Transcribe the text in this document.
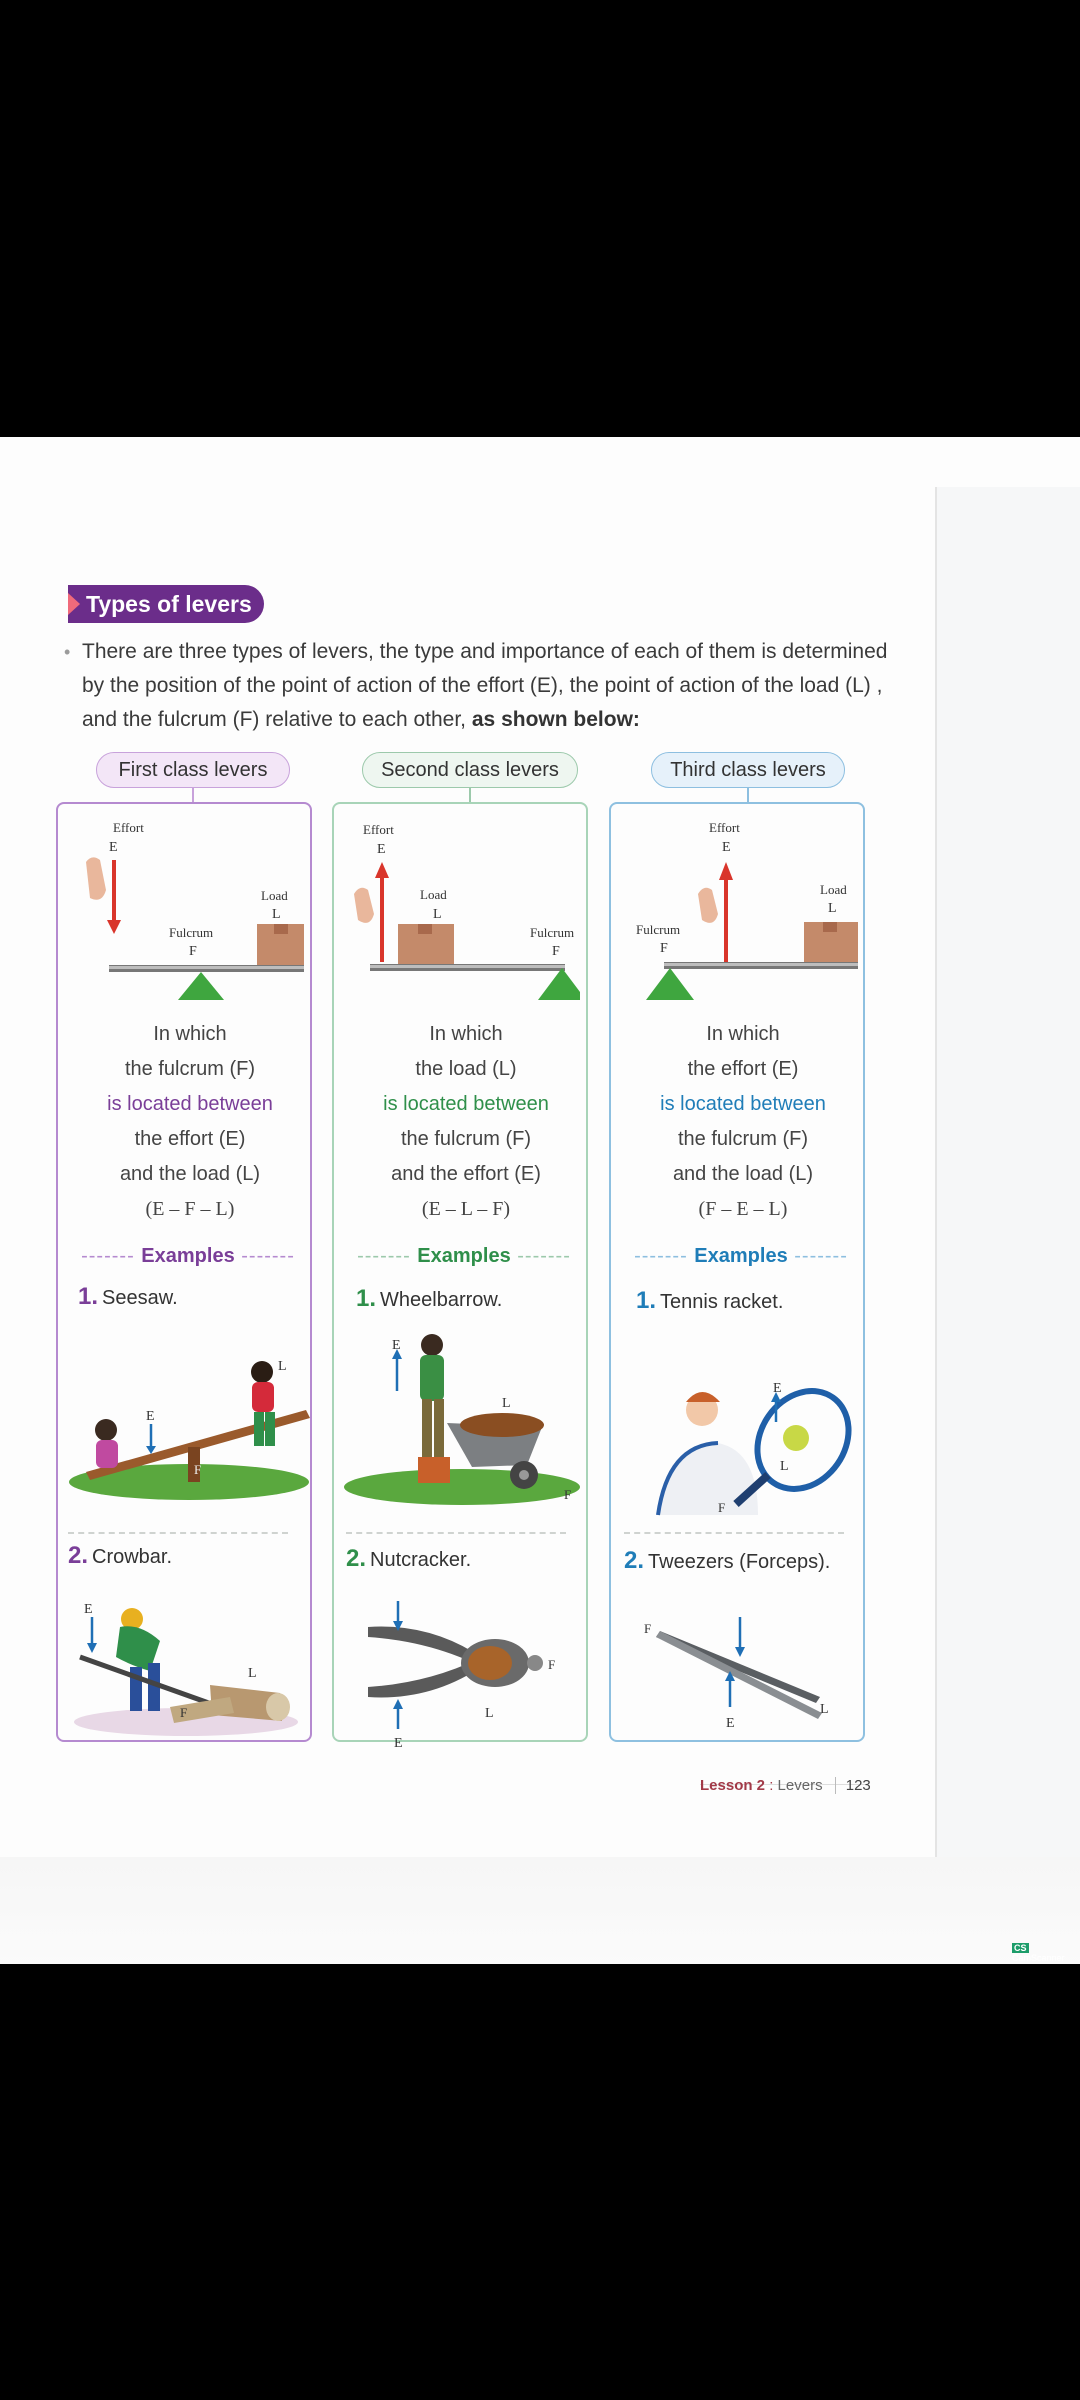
Types of levers
• There are three types of levers, the type and importance of each of them is determined by the position of the point of action of the effort (E), the point of action of the load (L) , and the fulcrum (F) relative to each other, as shown below:

First class levers	Second class levers	Third class levers
Effort
E
Load
L
Fulcrum
F
Effort
E
Load
L
Fulcrum
F
Effort
E
Load
L
Fulcrum
F
In which
the fulcrum (F)
is located between
the effort (E)
and the load (L)
(E – F – L)
In which
the load (L)
is located between
the fulcrum (F)
and the effort (E)
(E – L – F)
In which
the effort (E)
is located between
the fulcrum (F)
and the load (L)
(F – E – L)
------- Examples -------	------- Examples -------	------- Examples -------
1. Seesaw.	1. Wheelbarrow.	1. Tennis racket.
E
L
F
E
L
F
E
L
F
2. Crowbar.	2. Nutcracker.	2. Tweezers (Forceps).
E
L
F
E
L
F
E
F
L
Lesson 2 : Levers 123
CSCamScanner
